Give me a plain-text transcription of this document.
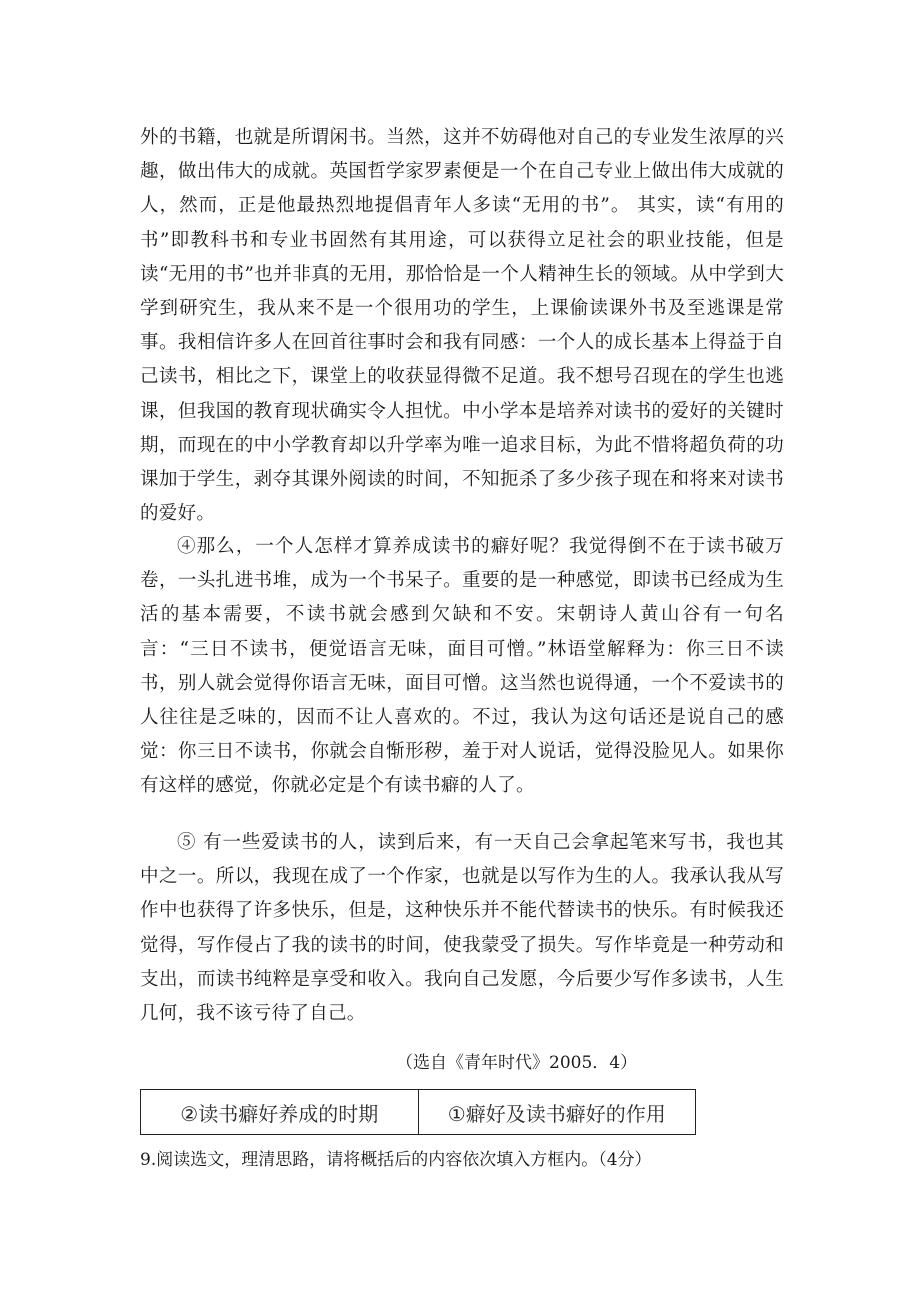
外的书籍，也就是所谓闲书。当然，这并不妨碍他对自己的专业发生浓厚的兴趣，做出伟大的成就。英国哲学家罗素便是一个在自己专业上做出伟大成就的人，然而，正是他最热烈地提倡青年人多读“无用的书”。 其实，读“有用的书”即教科书和专业书固然有其用途，可以获得立足社会的职业技能，但是读“无用的书”也并非真的无用，那恰恰是一个人精神生长的领域。从中学到大学到研究生，我从来不是一个很用功的学生，上课偷读课外书及至逃课是常事。我相信许多人在回首往事时会和我有同感：一个人的成长基本上得益于自己读书，相比之下，课堂上的收获显得微不足道。我不想号召现在的学生也逃课，但我国的教育现状确实令人担忧。中小学本是培养对读书的爱好的关键时期，而现在的中小学教育却以升学率为唯一追求目标，为此不惜将超负荷的功课加于学生，剥夺其课外阅读的时间，不知扼杀了多少孩子现在和将来对读书的爱好。

④那么，一个人怎样才算养成读书的癖好呢？我觉得倒不在于读书破万卷，一头扎进书堆，成为一个书呆子。重要的是一种感觉，即读书已经成为生活的基本需要，不读书就会感到欠缺和不安。宋朝诗人黄山谷有一句名言：“三日不读书，便觉语言无味，面目可憎。”林语堂解释为：你三日不读书，别人就会觉得你语言无味，面目可憎。这当然也说得通，一个不爱读书的人往往是乏味的，因而不让人喜欢的。不过，我认为这句话还是说自己的感觉：你三日不读书，你就会自惭形秽，羞于对人说话，觉得没脸见人。如果你有这样的感觉，你就必定是个有读书癖的人了。

⑤ 有一些爱读书的人，读到后来，有一天自己会拿起笔来写书，我也其中之一。所以，我现在成了一个作家，也就是以写作为生的人。我承认我从写作中也获得了许多快乐，但是，这种快乐并不能代替读书的快乐。有时候我还觉得，写作侵占了我的读书的时间，使我蒙受了损失。写作毕竟是一种劳动和支出，而读书纯粹是享受和收入。我向自己发愿，今后要少写作多读书，人生几何，我不该亏待了自己。

（选自《青年时代》2005．4）
②读书癖好养成的时期	①癖好及读书癖好的作用
9.阅读选文，理清思路，请将概括后的内容依次填入方框内。（4分）
